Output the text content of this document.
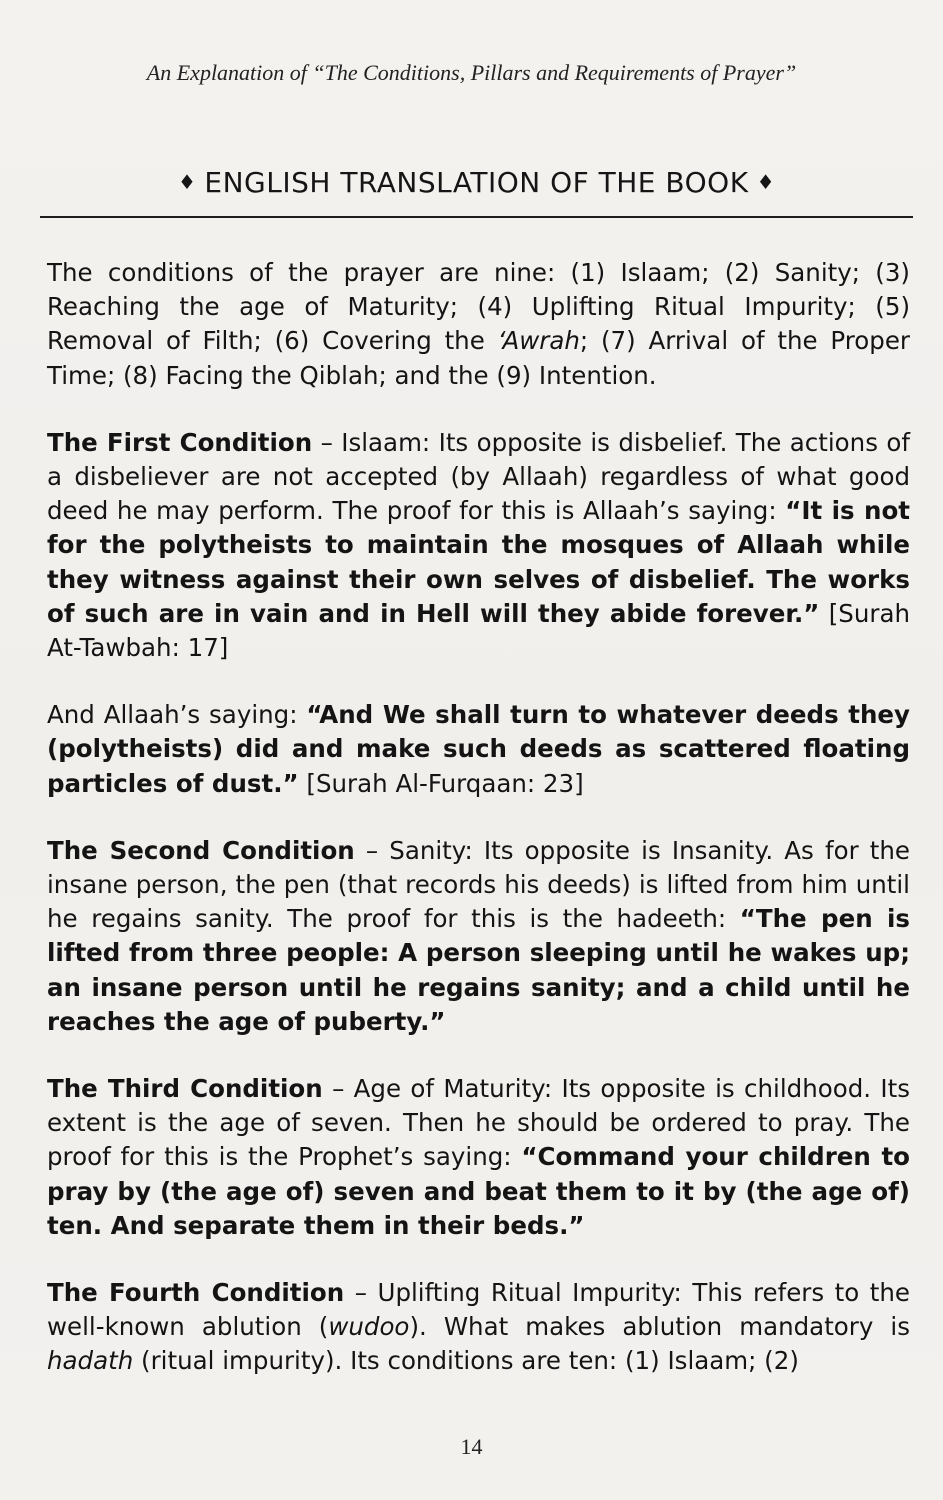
An Explanation of “The Conditions, Pillars and Requirements of Prayer”
♦ ENGLISH TRANSLATION OF THE BOOK ♦

The conditions of the prayer are nine: (1) Islaam; (2) Sanity; (3) Reaching the age of Maturity; (4) Uplifting Ritual Impurity; (5) Removal of Filth; (6) Covering the ‘Awrah; (7) Arrival of the Proper Time; (8) Facing the Qiblah; and the (9) Intention.

The First Condition – Islaam: Its opposite is disbelief. The actions of a disbeliever are not accepted (by Allaah) regardless of what good deed he may perform. The proof for this is Allaah’s saying: “It is not for the polytheists to maintain the mosques of Allaah while they witness against their own selves of disbelief. The works of such are in vain and in Hell will they abide forever.” [Surah At-Tawbah: 17]

And Allaah’s saying: “And We shall turn to whatever deeds they (polytheists) did and make such deeds as scattered floating particles of dust.” [Surah Al-Furqaan: 23]

The Second Condition – Sanity: Its opposite is Insanity. As for the insane person, the pen (that records his deeds) is lifted from him until he regains sanity. The proof for this is the hadeeth: “The pen is lifted from three people: A person sleeping until he wakes up; an insane person until he regains sanity; and a child until he reaches the age of puberty.”

The Third Condition – Age of Maturity: Its opposite is childhood. Its extent is the age of seven. Then he should be ordered to pray. The proof for this is the Prophet’s saying: “Command your children to pray by (the age of) seven and beat them to it by (the age of) ten. And separate them in their beds.”

The Fourth Condition – Uplifting Ritual Impurity: This refers to the well-known ablution (wudoo). What makes ablution mandatory is hadath (ritual impurity). Its conditions are ten: (1) Islaam; (2)

14
